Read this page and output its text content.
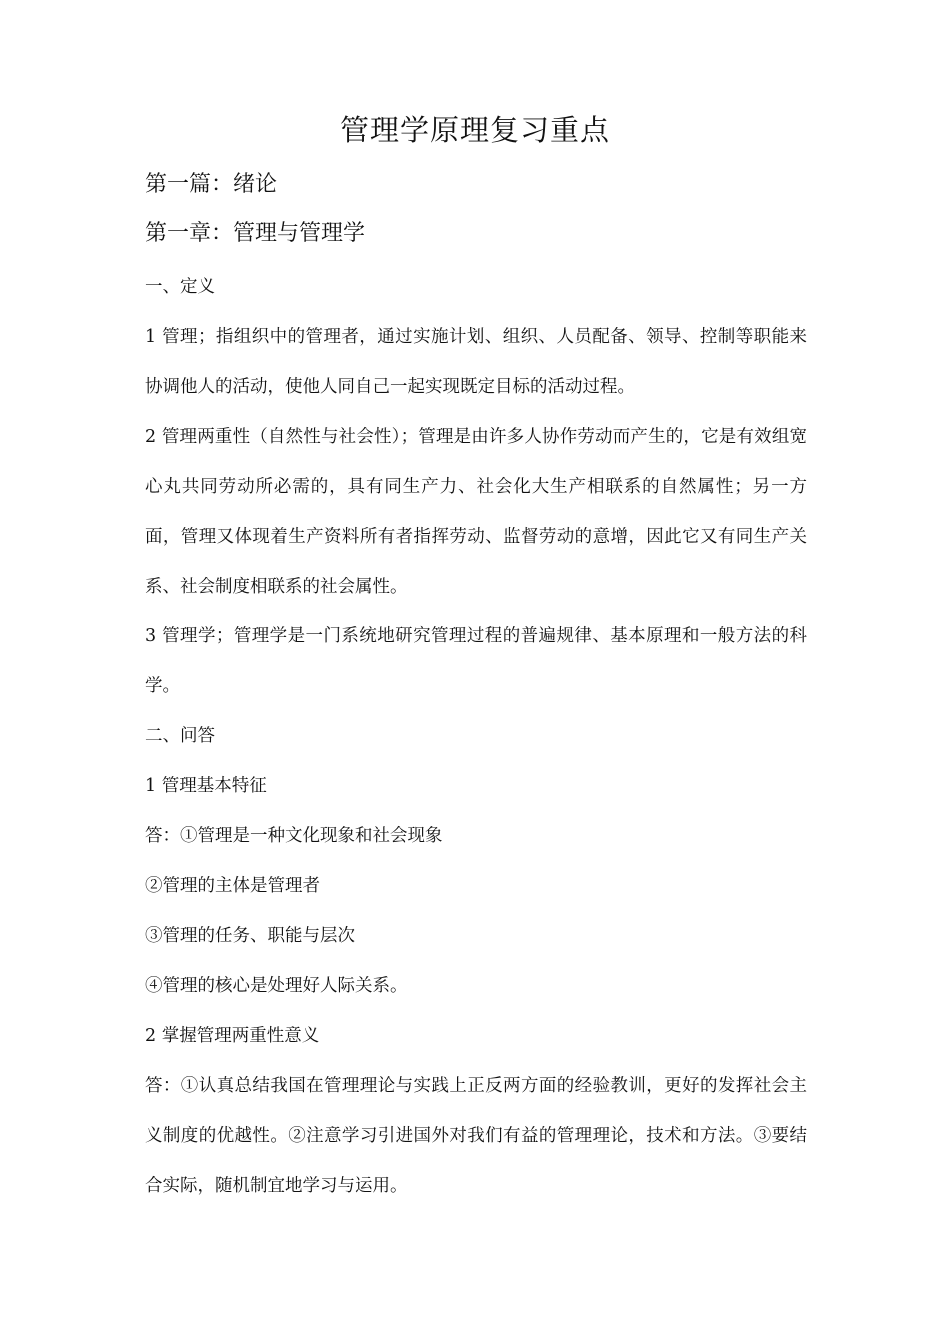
管理学原理复习重点
第一篇：绪论
第一章：管理与管理学
一、定义
1 管理；指组织中的管理者，通过实施计划、组织、人员配备、领导、控制等职能来协调他人的活动，使他人同自己一起实现既定目标的活动过程。
2 管理两重性（自然性与社会性）；管理是由许多人协作劳动而产生的，它是有效组宽心丸共同劳动所必需的，具有同生产力、社会化大生产相联系的自然属性；另一方面，管理又体现着生产资料所有者指挥劳动、监督劳动的意增，因此它又有同生产关系、社会制度相联系的社会属性。
3 管理学；管理学是一门系统地研究管理过程的普遍规律、基本原理和一般方法的科学。
二、问答
1 管理基本特征
答：①管理是一种文化现象和社会现象
②管理的主体是管理者
③管理的任务、职能与层次
④管理的核心是处理好人际关系。
2 掌握管理两重性意义
答：①认真总结我国在管理理论与实践上正反两方面的经验教训，更好的发挥社会主义制度的优越性。②注意学习引进国外对我们有益的管理理论，技术和方法。③要结合实际，随机制宜地学习与运用。
